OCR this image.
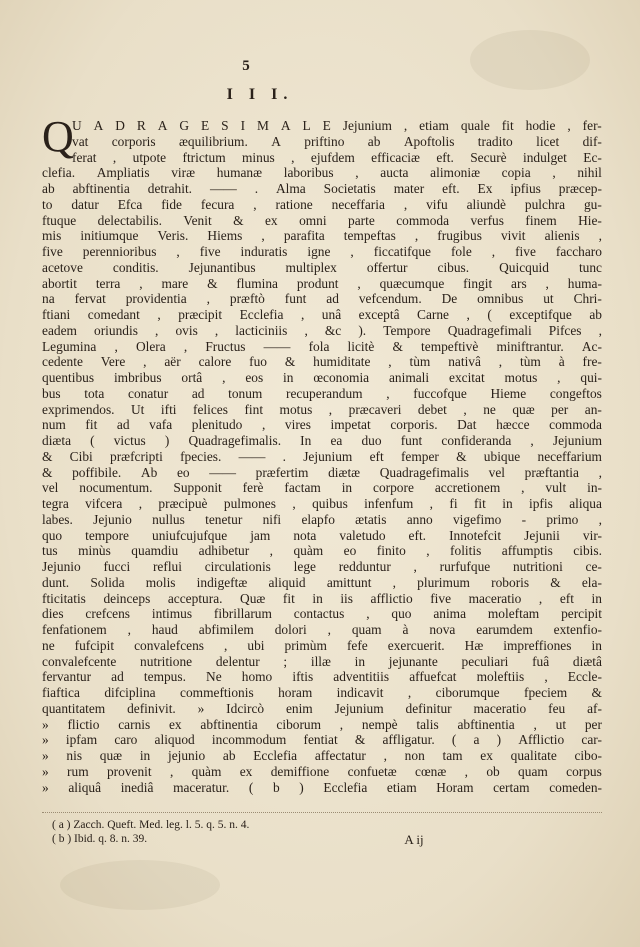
5
I I I.
Q
U A D R A G E S I M A L E Jejunium , etiam quale fit hodie , fer-
vat corporis æquilibrium. A priftino ab Apoftolis tradito licet dif-
ferat , utpote ftrictum minus , ejufdem efficaciæ eft. Securè indulget Ec-
clefia. Ampliatis viræ humanæ laboribus , aucta alimoniæ copia , nihil
ab abftinentia detrahit. —— . Alma Societatis mater eft. Ex ipfius præcep-
to datur Efca fide fecura , ratione neceffaria , vifu aliundè pulchra gu-
ftuque delectabilis. Venit & ex omni parte commoda verfus finem Hie-
mis initiumque Veris. Hiems , parafita tempeftas , frugibus vivit alienis ,
five perennioribus , five induratis igne , ficcatifque fole , five faccharo
acetove conditis. Jejunantibus multiplex offertur cibus. Quicquid tunc
abortit terra , mare & flumina produnt , quæcumque fingit ars , huma-
na fervat providentia , præftò funt ad vefcendum. De omnibus ut Chri-
ftiani comedant , præcipit Ecclefia , unâ exceptâ Carne , ( exceptifque ab
eadem oriundis , ovis , lacticiniis , &c ). Tempore Quadragefimali Pifces ,
Legumina , Olera , Fructus —— fola licitè & tempeftivè miniftrantur. Ac-
cedente Vere , aër calore fuo & humiditate , tùm nativâ , tùm à fre-
quentibus imbribus ortâ , eos in œconomia animali excitat motus , qui-
bus tota conatur ad tonum recuperandum , fuccofque Hieme congeftos
exprimendos. Ut ifti felices fint motus , præcaveri debet , ne quæ per an-
num fit ad vafa plenitudo , vires impetat corporis. Dat hæcce commoda
diæta ( victus ) Quadragefimalis. In ea duo funt confideranda , Jejunium
& Cibi præfcripti fpecies. —— . Jejunium eft femper & ubique neceffarium
& poffibile. Ab eo —— præfertim diætæ Quadragefimalis vel præftantia ,
vel nocumentum. Supponit ferè factam in corpore accretionem , vult in-
tegra vifcera , præcipuè pulmones , quibus infenfum , fi fit in ipfis aliqua
labes. Jejunio nullus tenetur nifi elapfo ætatis anno vigefimo - primo ,
quo tempore uniufcujufque jam nota valetudo eft. Innotefcit Jejunii vir-
tus minùs quamdiu adhibetur , quàm eo finito , folitis affumptis cibis.
Jejunio fucci reflui circulationis lege redduntur , rurfufque nutritioni ce-
dunt. Solida molis indigeftæ aliquid amittunt , plurimum roboris & ela-
fticitatis deinceps acceptura. Quæ fit in iis afflictio five maceratio , eft in
dies crefcens intimus fibrillarum contactus , quo anima moleftam percipit
fenfationem , haud abfimilem dolori , quam à nova earumdem extenfio-
ne fufcipit convalefcens , ubi primùm fefe exercuerit. Hæ impreffiones in
convalefcente nutritione delentur ; illæ in jejunante peculiari fuâ diætâ
fervantur ad tempus. Ne homo iftis adventitiis affuefcat moleftiis , Eccle-
fiaftica difciplina commeftionis horam indicavit , ciborumque fpeciem &
quantitatem definivit. » Idcircò enim Jejunium definitur maceratio feu af-
» flictio carnis ex abftinentia ciborum , nempè talis abftinentia , ut per
» ipfam caro aliquod incommodum fentiat & affligatur. ( a ) Afflictio car-
» nis quæ in jejunio ab Ecclefia affectatur , non tam ex qualitate cibo-
» rum provenit , quàm ex demiffione confuetæ cœnæ , ob quam corpus
» aliquâ inediâ maceratur. ( b ) Ecclefia etiam Horam certam comeden-
( a ) Zacch. Queft. Med. leg. l. 5. q. 5. n. 4.
( b ) Ibid. q. 8. n. 39.	A ij
